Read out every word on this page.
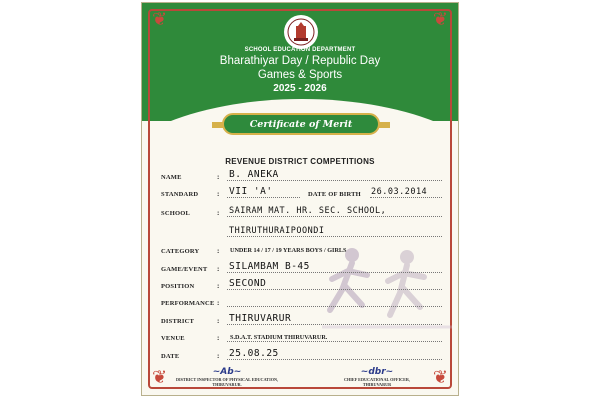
❦	❦
❦	❦
SCHOOL EDUCATION DEPARTMENT
Bharathiyar Day / Republic Day
Games & Sports
2025 - 2026
Certificate of Merit
REVENUE DISTRICT COMPETITIONS
NAME	: B. ANEKA
STANDARD	: VII 'A'	DATE OF BIRTH 26.03.2014
SCHOOL	: SAIRAM MAT. HR. SEC. SCHOOL,
THIRUTHURAIPOONDI
CATEGORY	: UNDER 14 / 17 / 19 YEARS BOYS / GIRLS
GAME/EVENT : SILAMBAM B-45
POSITION	: SECOND
PERFORMANCE :
DISTRICT	: THIRUVARUR
VENUE	: S.D.A.T. STADIUM THIRUVARUR.
DATE	: 25.08.25
~Ab~
DISTRICT INSPECTOR OF PHYSICAL EDUCATION,
THIRUVARUR.
~dbr~
CHIEF EDUCATIONAL OFFICER,
THIRUVARUR
